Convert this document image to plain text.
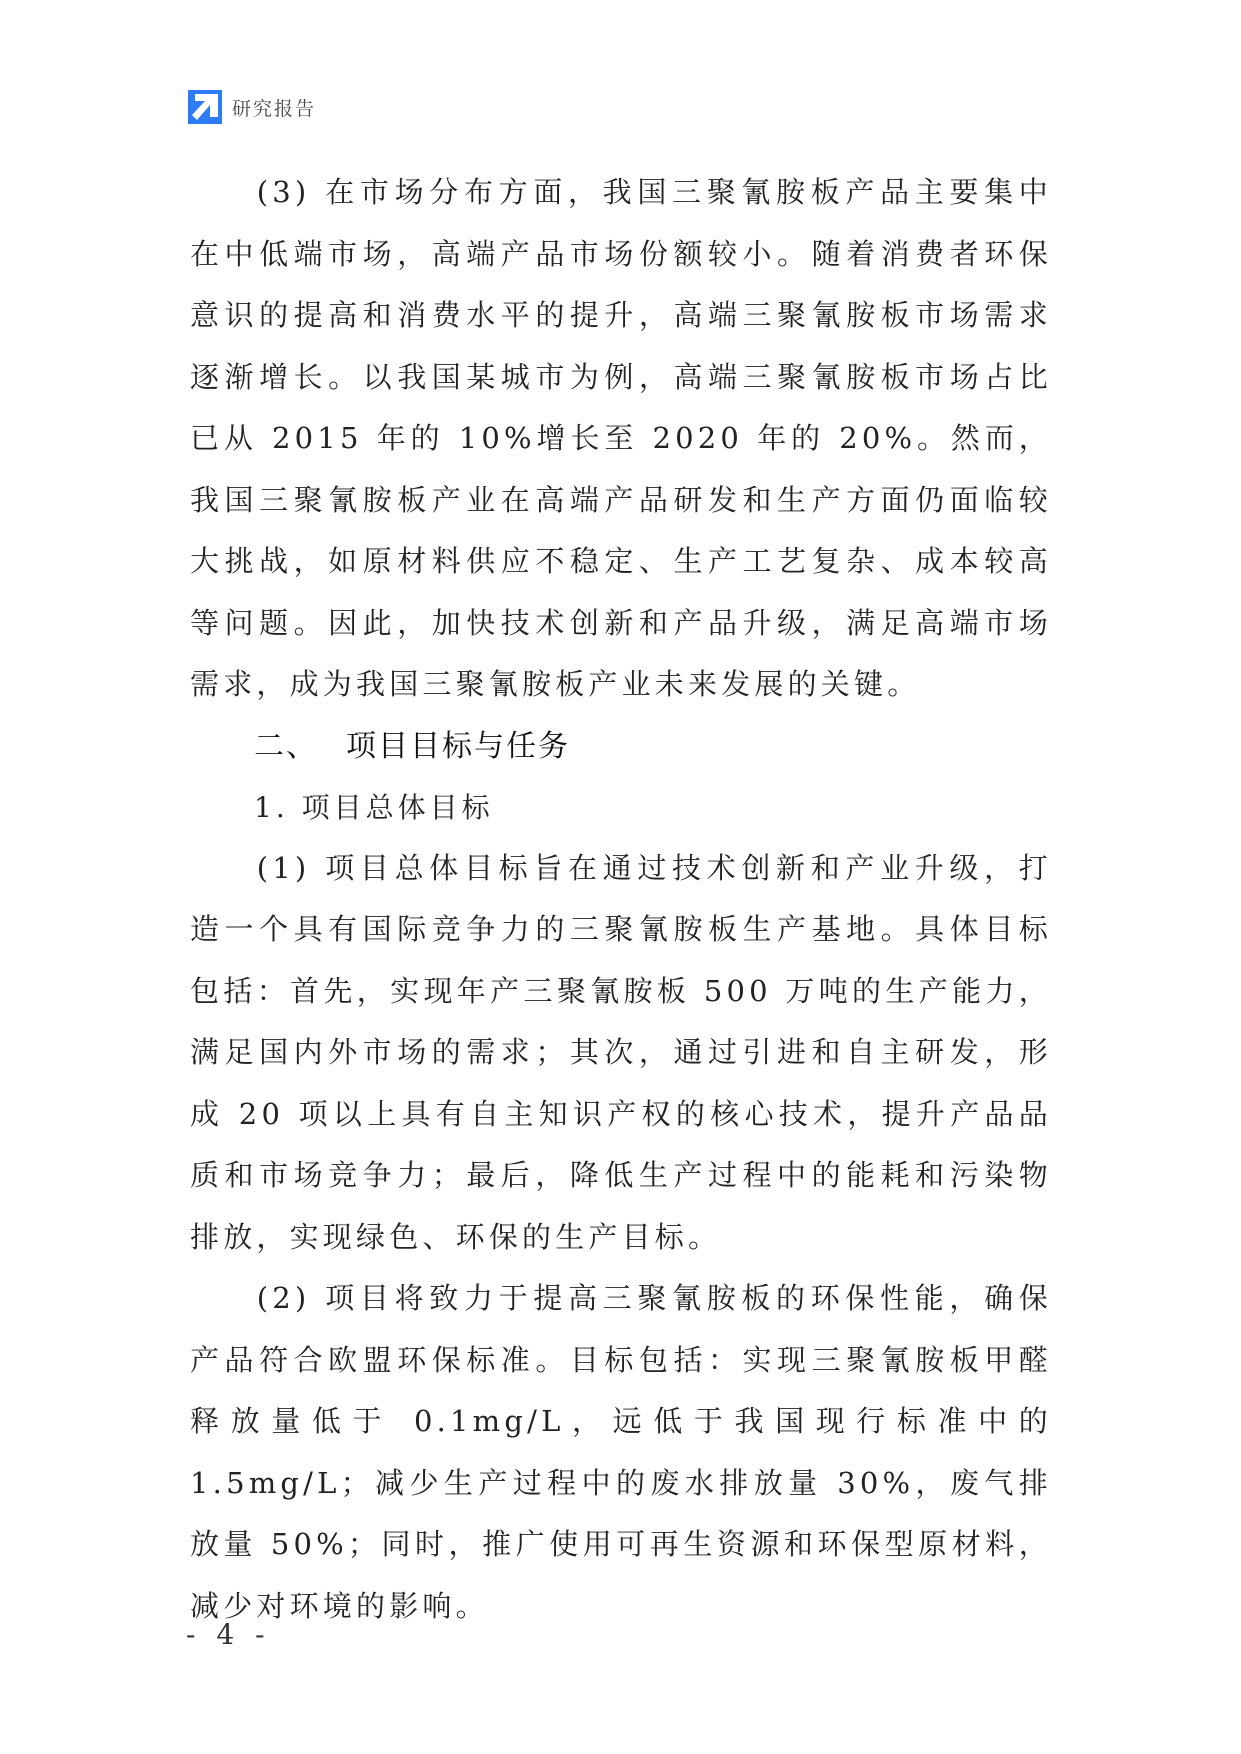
研究报告

(3) 在市场分布方面，我国三聚氰胺板产品主要集中在中低端市场，高端产品市场份额较小。随着消费者环保意识的提高和消费水平的提升，高端三聚氰胺板市场需求逐渐增长。以我国某城市为例，高端三聚氰胺板市场占比已从 2015 年的 10%增长至 2020 年的 20%。然而，我国三聚氰胺板产业在高端产品研发和生产方面仍面临较大挑战，如原材料供应不稳定、生产工艺复杂、成本较高等问题。因此，加快技术创新和产品升级，满足高端市场需求，成为我国三聚氰胺板产业未来发展的关键。

二、 项目目标与任务

1. 项目总体目标

(1) 项目总体目标旨在通过技术创新和产业升级，打造一个具有国际竞争力的三聚氰胺板生产基地。具体目标包括：首先，实现年产三聚氰胺板 500 万吨的生产能力，满足国内外市场的需求；其次，通过引进和自主研发，形成 20 项以上具有自主知识产权的核心技术，提升产品品质和市场竞争力；最后，降低生产过程中的能耗和污染物排放，实现绿色、环保的生产目标。

(2) 项目将致力于提高三聚氰胺板的环保性能，确保产品符合欧盟环保标准。目标包括：实现三聚氰胺板甲醛释放量低于 0.1mg/L，远低于我国现行标准中的 1.5mg/L；减少生产过程中的废水排放量 30%，废气排放量 50%；同时，推广使用可再生资源和环保型原材料，减少对环境的影响。

- 4 -
